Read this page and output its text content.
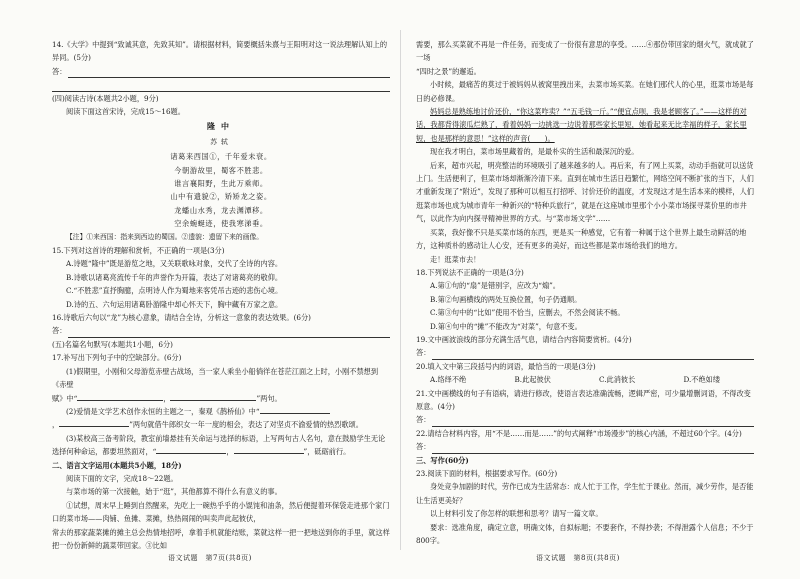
14.《大学》中提到“致诚其意，先致其知”。请根据材料，简要概括朱熹与王阳明对这一说法理解认知上的异同。(5分)

答：

(四)阅读古诗(本题共2小题，9分)

阅读下面这首宋诗，完成15～16题。

隆中
苏轼
诸葛来西国①，千年爱未衰。
今朝游故里，蜀客不胜悲。
谁言襄阳野，生此万乘师。
山中有遗貌②，矫矫龙之姿。
龙蟠山水秀，龙去渊潭移。
空余蜿蜒迹，使我寒涕垂。

【注】①来西国：指来到西边的蜀国。②遗貌：遗留下来的画像。

15.下列对这首诗的理解和赏析，不正确的一项是(3分)

A.诗题“隆中”既是游览之地，又关联歌咏对象，交代了全诗的内容。

B.诗歌以诸葛亮流传千年的声誉作为开篇，表达了对诸葛亮的敬仰。

C.“不胜悲”直抒胸臆，点明诗人作为蜀地来客凭吊古迹的悲伤心境。

D.诗的五、六句运用诸葛卧游隆中却心怀天下，胸中藏有万家之意。

16.诗歌后六句以“龙”为核心意象，请结合全诗，分析这一意象的表达效果。(6分)

答：

(五)名篇名句默写(本题共1小题，6分)

17.补写出下列句子中的空缺部分。(6分)

(1)假期里，小刚和父母游览赤壁古战场，当一家人乘坐小船徜徉在苍茫江面之上时，小刚不禁想到《赤壁

赋》中“	，	”两句。

(2)爱情是文学艺术创作永恒的主题之一，秦观《鹊桥仙》中“

，	”两句就借牛郎织女一年一度的相会，表达了对坚贞不渝爱情的热烈歌颂。

(3)某校高三备考阶段，教室前墙悬挂有关命运与选择的标语，上写两句古人名句，意在鼓励学生无论

选择何种命运，都要坦然面对，“	，	”，砥砺前行。

二、语言文字运用(本题共5小题，18分)

阅读下面的文字，完成18～22题。

与菜市场的第一次接触，始于“逛”，其他都算不得什么有意义的事。

①试想，周末早上睡到自然醒来，先吃上一碗热乎乎的小馄饨和油条，然后便提着环保袋走进那个家门口的菜市场——肉铺、鱼摊、菜摊，热热闹闹的叫卖声此起彼伏，

常去的那家蔬菜摊的摊主总会热情地招呼，拿着手机就能结账，菜就这样一把一把地送到你的手里，就这样把一份份新鲜的蔬菜带回家。③比如

需要，那么买菜就不再是一件任务，而变成了一份很有意思的享受。……④那份带回家的烟火气，就成就了一场

“四时之景”的邂逅。

小时候，最痛苦的莫过于被妈妈从被窝里拽出来，去菜市场买菜。在她们那代人的心里，逛菜市场是每日的必修课。

妈妈总是熟练地讨价还价，“你这菜咋卖？”“五毛钱一斤。”“便宜点呗，我是老顾客了。”——这样的对话，我都背得滚瓜烂熟了，看着妈妈一边挑选一边说着那些家长里短，她看起来无比幸福的样子，家长里短，也是那样的意思！”这样的声音(　　)。

现在我才明白，菜市场里藏着的，是最朴实的生活和最深沉的爱。

后来，超市兴起，明亮整洁的环境吸引了越来越多的人。再后来，有了网上买菜，动动手指就可以送货上门。生活便利了，但菜市场却渐渐冷清下来。直到在城市生活日趋繁忙，网络空间不断扩张的当下，人们才重新发现了“附近”，发现了那种可以相互打招呼、讨价还价的温度，才发现这才是生活本来的模样，人们逛菜市场也成为城市青年一种新兴的“特种兵旅行”，就是在这座城市里那个小小菜市场探寻菜价里的市井气，以此作为向内探寻精神世界的方式。与“菜市场文学”……

买菜，我好像不只是买菜市场的东西，更是买一种感觉，它有着一种属于这个世界上最生动鲜活的地方，这种质朴的感动让人心安，还有更多的美好，而这些都是菜市场给我们的地方。

走！逛菜市去！

18.下列说法不正确的一项是(3分)

A.第①句的“扇”是错别字，应改为“煽”。

B.第②句画横线的两处互换位置，句子仍通顺。

C.第③句中的“比如”使用不恰当，应删去，不然会阅读不畅。

D.第④句中的“摊”不能改为“对菜”，句意不变。

19.文中画波浪线的部分充满生活气息，请结合内容简要赏析。(4分)

答：

20.填入文中第三段括号内的词语，最恰当的一项是(3分)

A.络绎不绝	B.此起彼伏	C.此消彼长	D.不绝如缕

21.文中画横线的句子有语病，请进行修改，使语言表达准确流畅，逻辑严密，可少量增删词语，不得改变原意。(4分)

答：

22.请结合材料内容，用“不是……而是……”的句式阐释“市场漫步”的核心内涵，不超过60个字。(4分)

答：

三、写作(60分)

23.阅读下面的材料，根据要求写作。(60分)

身处竞争加剧的时代，劳作已成为生活常态：成人忙于工作，学生忙于课业。然而，减少劳作，是否能让生活更美好？

以上材料引发了你怎样的联想和思考？请写一篇文章。

要求：选准角度，确定立意，明确文体，自拟标题；不要套作，不得抄袭；不得泄露个人信息；不少于800字。

语文试题　第7页(共8页)	语文试题　第8页(共8页)
